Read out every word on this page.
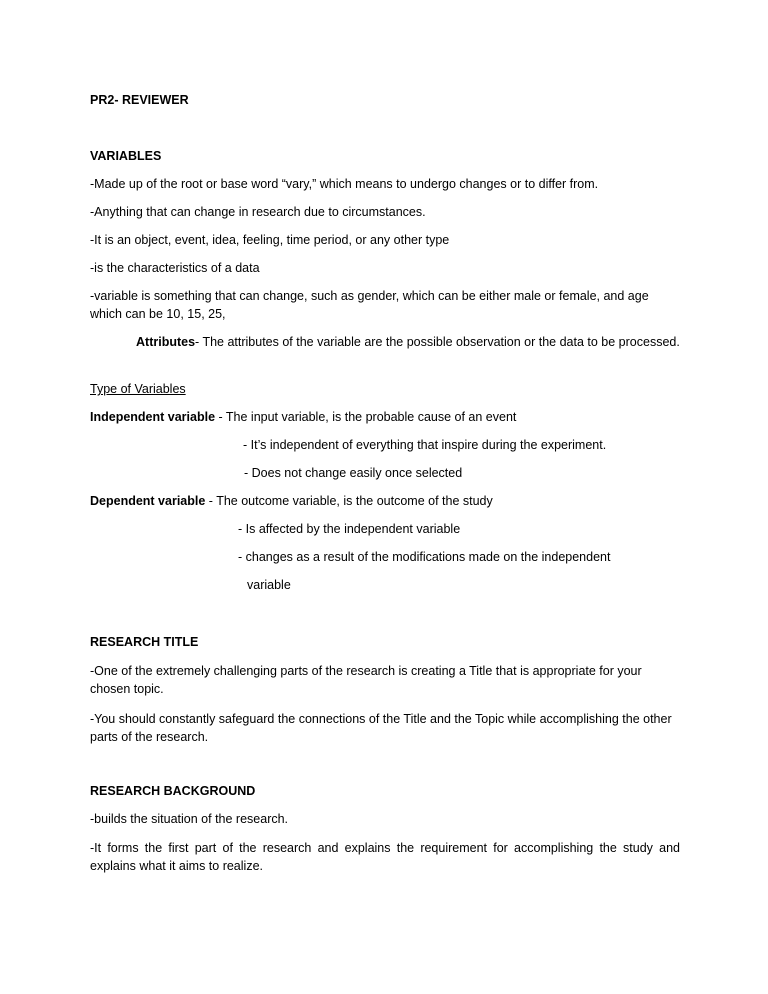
PR2- REVIEWER
VARIABLES
-Made up of the root or base word “vary,” which means to undergo changes or to differ from.
-Anything that can change in research due to circumstances.
-It is an object, event, idea, feeling, time period, or any other type
-is the characteristics of a data
-variable is something that can change, such as gender, which can be either male or female, and age which can be 10, 15, 25,
Attributes- The attributes of the variable are the possible observation or the data to be processed.
Type of Variables
Independent variable - The input variable, is the probable cause of an event
- It’s independent of everything that inspire during the experiment.
- Does not change easily once selected
Dependent variable - The outcome variable, is the outcome of the study
- Is affected by the independent variable
- changes as a result of the modifications made on the independent
variable
RESEARCH TITLE
-One of the extremely challenging parts of the research is creating a Title that is appropriate for your chosen topic.
-You should constantly safeguard the connections of the Title and the Topic while accomplishing the other parts of the research.
RESEARCH BACKGROUND
-builds the situation of the research.
-It forms the first part of the research and explains the requirement for accomplishing the study and explains what it aims to realize.
